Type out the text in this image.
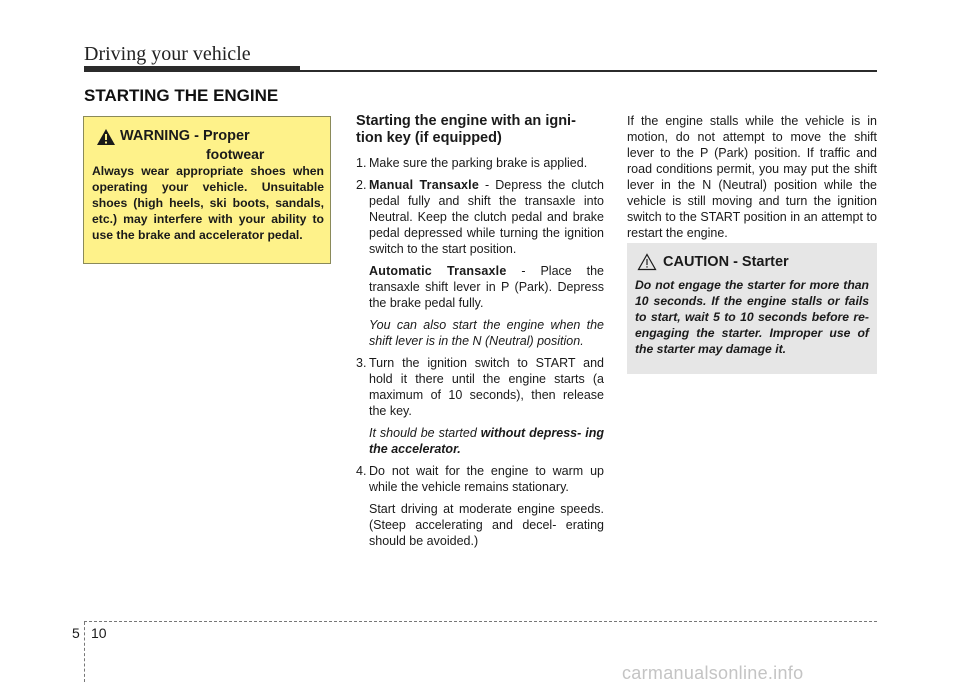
Driving your vehicle
STARTING THE ENGINE
WARNING - Proper
footwear
Always wear appropriate shoes when operating your vehicle. Unsuitable shoes (high heels, ski boots, sandals, etc.) may interfere with your ability to use the brake and accelerator pedal.
Starting the engine with an igni- tion key (if equipped)
1. Make sure the parking brake is applied.
2. Manual Transaxle - Depress the clutch pedal fully and shift the transaxle into Neutral. Keep the clutch pedal and brake pedal depressed while turning the ignition switch to the start position.

Automatic Transaxle - Place the transaxle shift lever in P (Park). Depress the brake pedal fully.

You can also start the engine when the shift lever is in the N (Neutral) position.

3. Turn the ignition switch to START and hold it there until the engine starts (a maximum of 10 seconds), then release the key.

It should be started without depress- ing the accelerator.

4. Do not wait for the engine to warm up while the vehicle remains stationary.

Start driving at moderate engine speeds. (Steep accelerating and decel- erating should be avoided.)

If the engine stalls while the vehicle is in motion, do not attempt to move the shift lever to the P (Park) position. If traffic and road conditions permit, you may put the shift lever in the N (Neutral) position while the vehicle is still moving and turn the ignition switch to the START position in an attempt to restart the engine.
CAUTION - Starter
Do not engage the starter for more than 10 seconds. If the engine stalls or fails to start, wait 5 to 10 seconds before re-engaging the starter. Improper use of the starter may damage it.
5 10
carmanualsonline.info
